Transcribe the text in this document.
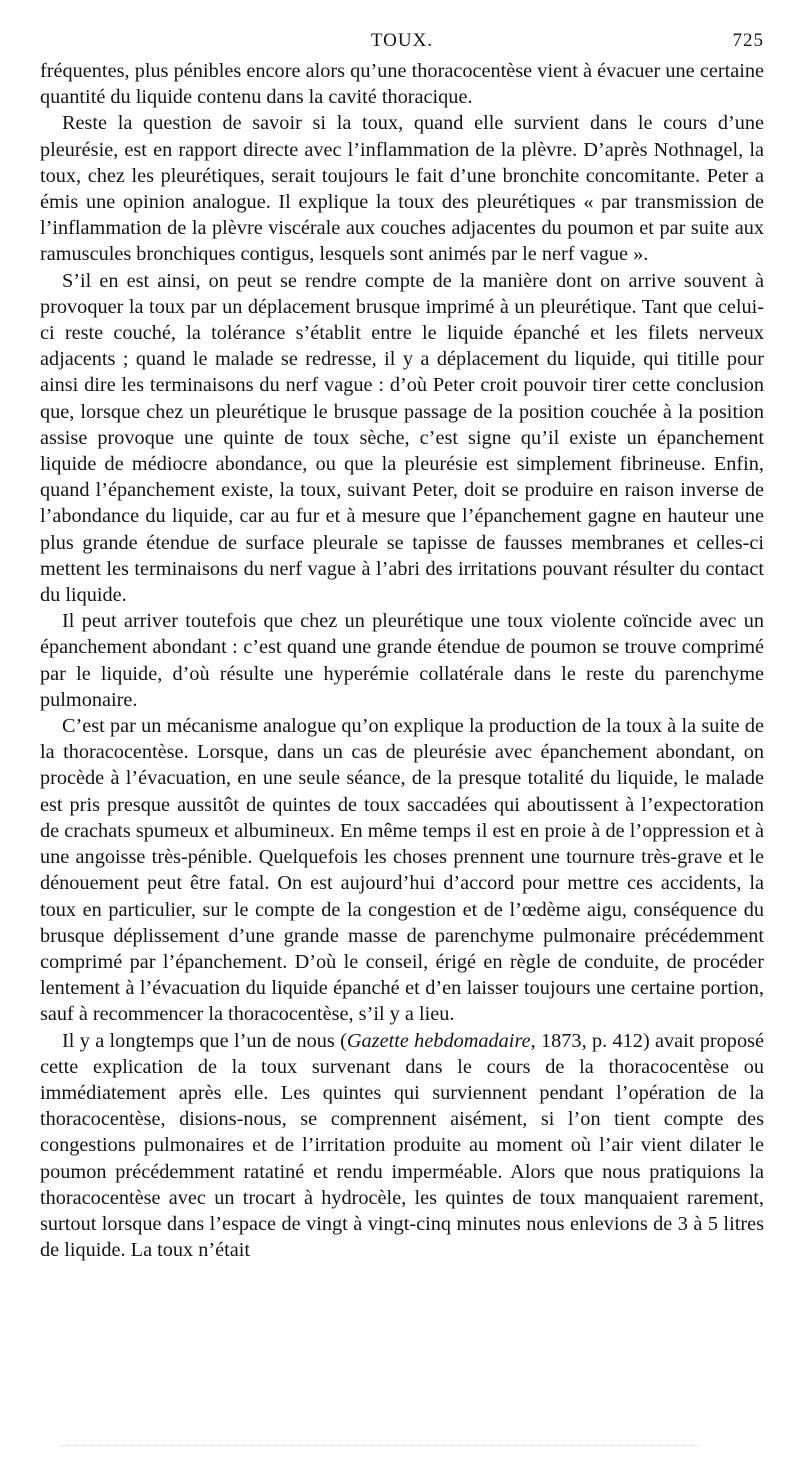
TOUX.	725

fréquentes, plus pénibles encore alors qu’une thoracocentèse vient à évacuer une certaine quantité du liquide contenu dans la cavité thoracique.

Reste la question de savoir si la toux, quand elle survient dans le cours d’une pleurésie, est en rapport directe avec l’inflammation de la plèvre. D’après Nothnagel, la toux, chez les pleurétiques, serait toujours le fait d’une bronchite concomitante. Peter a émis une opinion analogue. Il explique la toux des pleurétiques « par transmission de l’inflammation de la plèvre viscérale aux couches adjacentes du poumon et par suite aux ramuscules bronchiques contigus, lesquels sont animés par le nerf vague ».

S’il en est ainsi, on peut se rendre compte de la manière dont on arrive souvent à provoquer la toux par un déplacement brusque imprimé à un pleurétique. Tant que celui-ci reste couché, la tolérance s’établit entre le liquide épanché et les filets nerveux adjacents ; quand le malade se redresse, il y a déplacement du liquide, qui titille pour ainsi dire les terminaisons du nerf vague : d’où Peter croit pouvoir tirer cette conclusion que, lorsque chez un pleurétique le brusque passage de la position couchée à la position assise provoque une quinte de toux sèche, c’est signe qu’il existe un épanchement liquide de médiocre abondance, ou que la pleurésie est simplement fibrineuse. Enfin, quand l’épanchement existe, la toux, suivant Peter, doit se produire en raison inverse de l’abondance du liquide, car au fur et à mesure que l’épanchement gagne en hauteur une plus grande étendue de surface pleurale se tapisse de fausses membranes et celles-ci mettent les terminaisons du nerf vague à l’abri des irritations pouvant résulter du contact du liquide.

Il peut arriver toutefois que chez un pleurétique une toux violente coïncide avec un épanchement abondant : c’est quand une grande étendue de poumon se trouve comprimé par le liquide, d’où résulte une hyperémie collatérale dans le reste du parenchyme pulmonaire.

C’est par un mécanisme analogue qu’on explique la production de la toux à la suite de la thoracocentèse. Lorsque, dans un cas de pleurésie avec épanchement abondant, on procède à l’évacuation, en une seule séance, de la presque totalité du liquide, le malade est pris presque aussitôt de quintes de toux saccadées qui aboutissent à l’expectoration de crachats spumeux et albumineux. En même temps il est en proie à de l’oppression et à une angoisse très-pénible. Quelquefois les choses prennent une tournure très-grave et le dénouement peut être fatal. On est aujourd’hui d’accord pour mettre ces accidents, la toux en particulier, sur le compte de la congestion et de l’œdème aigu, conséquence du brusque déplissement d’une grande masse de parenchyme pulmonaire précédemment comprimé par l’épanchement. D’où le conseil, érigé en règle de conduite, de procéder lentement à l’évacuation du liquide épanché et d’en laisser toujours une certaine portion, sauf à recommencer la thoracocentèse, s’il y a lieu.

Il y a longtemps que l’un de nous (Gazette hebdomadaire, 1873, p. 412) avait proposé cette explication de la toux survenant dans le cours de la thoracocentèse ou immédiatement après elle. Les quintes qui surviennent pendant l’opération de la thoracocentèse, disions-nous, se comprennent aisément, si l’on tient compte des congestions pulmonaires et de l’irritation produite au moment où l’air vient dilater le poumon précédemment ratatiné et rendu imperméable. Alors que nous pratiquions la thoracocentèse avec un trocart à hydrocèle, les quintes de toux manquaient rarement, surtout lorsque dans l’espace de vingt à vingt-cinq minutes nous enlevions de 3 à 5 litres de liquide. La toux n’était
